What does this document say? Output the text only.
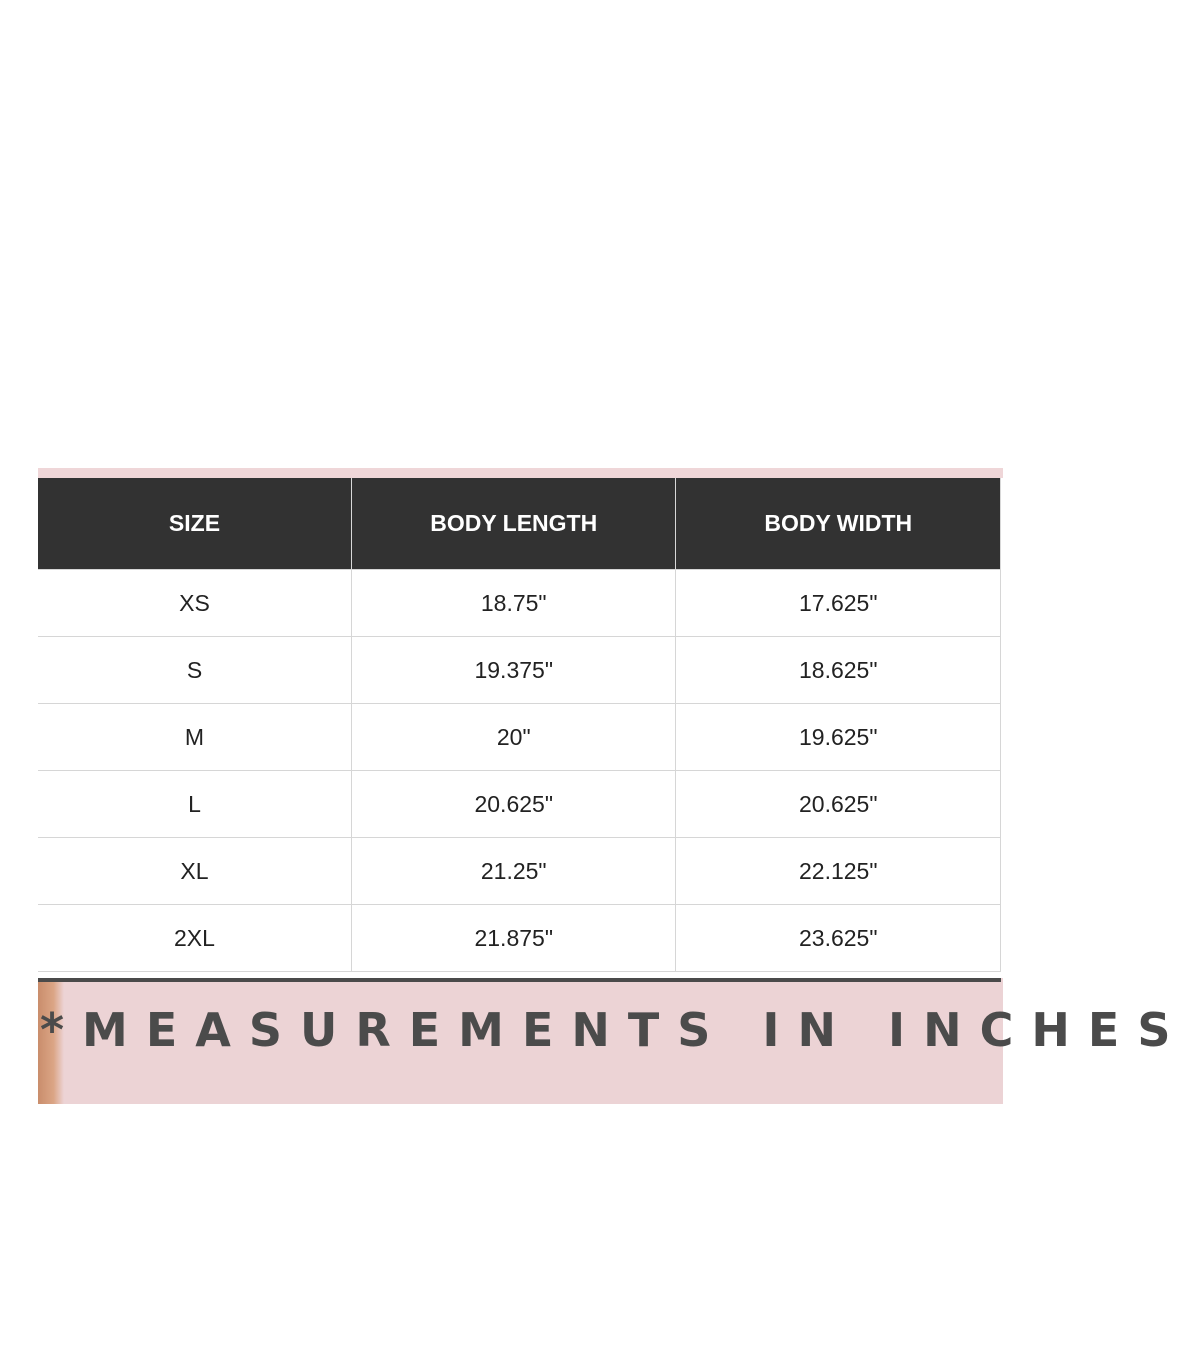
SIZE	BODY LENGTH	BODY WIDTH
XS	18.75"	17.625"
S	19.375"	18.625"
M	20"	19.625"
L	20.625"	20.625"
XL	21.25"	22.125"
2XL	21.875"	23.625"
*MEASUREMENTS IN INCHES
